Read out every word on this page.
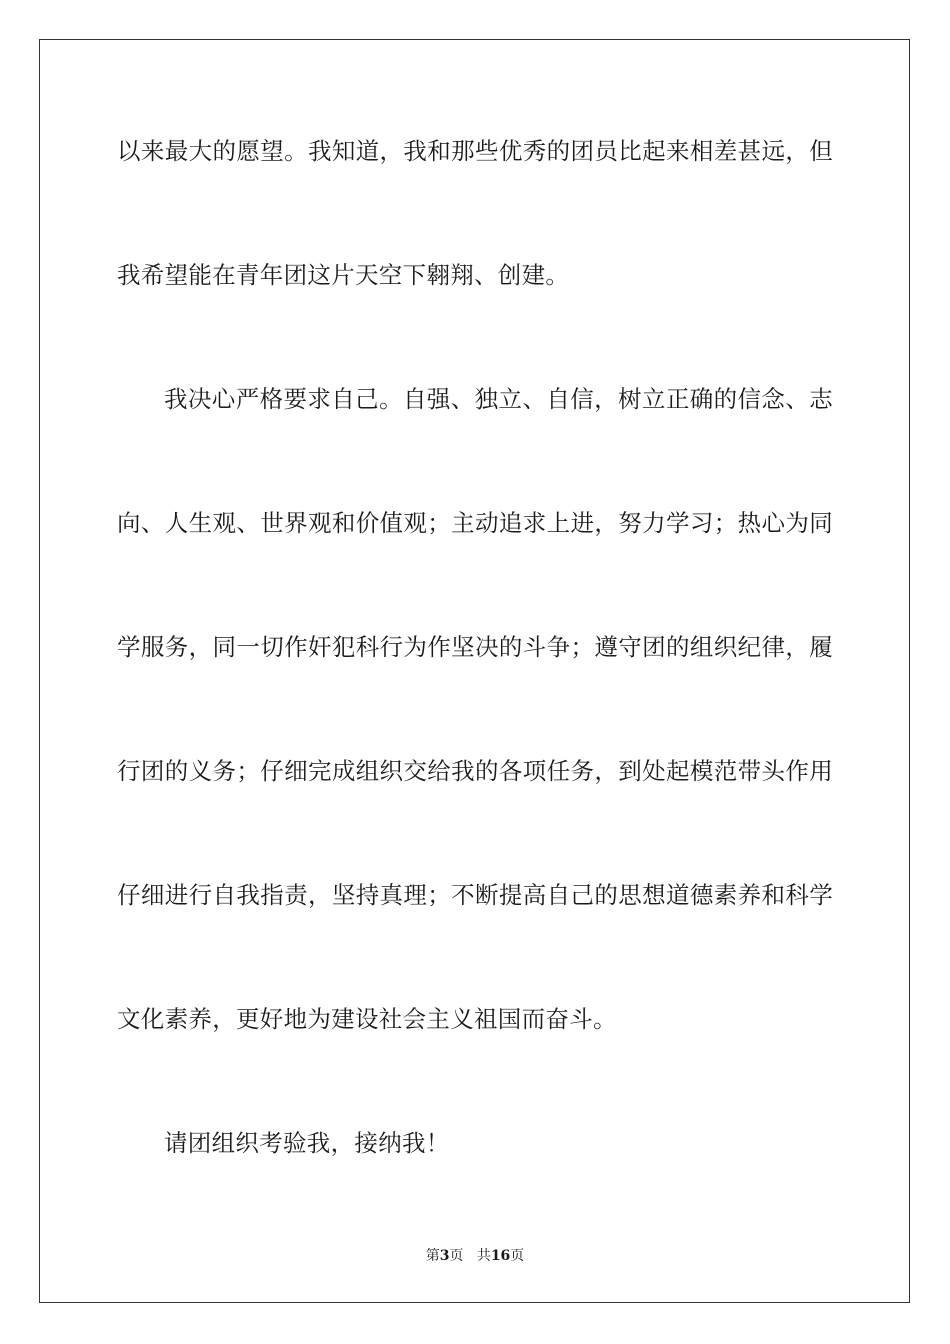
以来最大的愿望。我知道，我和那些优秀的团员比起来相差甚远，但
我希望能在青年团这片天空下翱翔、创建。
我决心严格要求自己。自强、独立、自信，树立正确的信念、志
向、人生观、世界观和价值观；主动追求上进，努力学习；热心为同
学服务，同一切作奸犯科行为作坚决的斗争；遵守团的组织纪律，履
行团的义务；仔细完成组织交给我的各项任务，到处起模范带头作用
仔细进行自我指责，坚持真理；不断提高自己的思想道德素养和科学
文化素养，更好地为建设社会主义祖国而奋斗。
请团组织考验我，接纳我！
第3页 共16页
